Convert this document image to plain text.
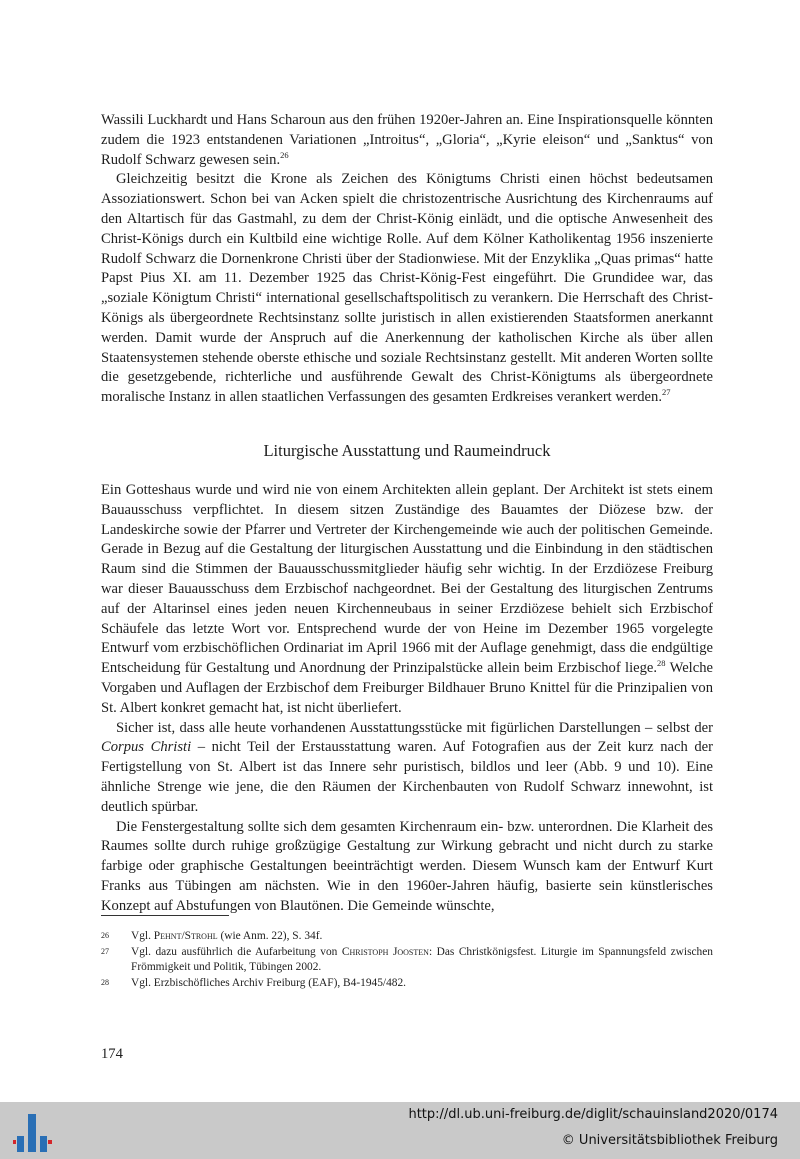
Wassili Luckhardt und Hans Scharoun aus den frühen 1920er-Jahren an. Eine Inspirationsquelle könnten zudem die 1923 entstandenen Variationen „Introitus“, „Gloria“, „Kyrie eleison“ und „Sanktus“ von Rudolf Schwarz gewesen sein.$^{26}$

Gleichzeitig besitzt die Krone als Zeichen des Königtums Christi einen höchst bedeutsamen Assoziationswert. Schon bei van Acken spielt die christozentrische Ausrichtung des Kirchenraums auf den Altartisch für das Gastmahl, zu dem der Christ-König einlädt, und die optische Anwesenheit des Christ-Königs durch ein Kultbild eine wichtige Rolle. Auf dem Kölner Katholikentag 1956 inszenierte Rudolf Schwarz die Dornenkrone Christi über der Stadionwiese. Mit der Enzyklika „Quas primas“ hatte Papst Pius XI. am 11. Dezember 1925 das Christ-König-Fest eingeführt. Die Grundidee war, das „soziale Königtum Christi“ international gesellschaftspolitisch zu verankern. Die Herrschaft des Christ-Königs als übergeordnete Rechtsinstanz sollte juristisch in allen existierenden Staatsformen anerkannt werden. Damit wurde der Anspruch auf die Anerkennung der katholischen Kirche als über allen Staatensystemen stehende oberste ethische und soziale Rechtsinstanz gestellt. Mit anderen Worten sollte die gesetzgebende, richterliche und ausführende Gewalt des Christ-Königtums als übergeordnete moralische Instanz in allen staatlichen Verfassungen des gesamten Erdkreises verankert werden.$^{27}$

Liturgische Ausstattung und Raumeindruck

Ein Gotteshaus wurde und wird nie von einem Architekten allein geplant. Der Architekt ist stets einem Bauausschuss verpflichtet. In diesem sitzen Zuständige des Bauamtes der Diözese bzw. der Landeskirche sowie der Pfarrer und Vertreter der Kirchengemeinde wie auch der politischen Gemeinde. Gerade in Bezug auf die Gestaltung der liturgischen Ausstattung und die Einbindung in den städtischen Raum sind die Stimmen der Bauausschussmitglieder häufig sehr wichtig. In der Erzdiözese Freiburg war dieser Bauausschuss dem Erzbischof nachgeordnet. Bei der Gestaltung des liturgischen Zentrums auf der Altarinsel eines jeden neuen Kirchenneubaus in seiner Erzdiözese behielt sich Erzbischof Schäufele das letzte Wort vor. Entsprechend wurde der von Heine im Dezember 1965 vorgelegte Entwurf vom erzbischöflichen Ordinariat im April 1966 mit der Auflage genehmigt, dass die endgültige Entscheidung für Gestaltung und Anordnung der Prinzipalstücke allein beim Erzbischof liege.$^{28}$ Welche Vorgaben und Auflagen der Erzbischof dem Freiburger Bildhauer Bruno Knittel für die Prinzipalien von St. Albert konkret gemacht hat, ist nicht überliefert.

Sicher ist, dass alle heute vorhandenen Ausstattungsstücke mit figürlichen Darstellungen – selbst der Corpus Christi – nicht Teil der Erstausstattung waren. Auf Fotografien aus der Zeit kurz nach der Fertigstellung von St. Albert ist das Innere sehr puristisch, bildlos und leer (Abb. 9 und 10). Eine ähnliche Strenge wie jene, die den Räumen der Kirchenbauten von Rudolf Schwarz innewohnt, ist deutlich spürbar.

Die Fenstergestaltung sollte sich dem gesamten Kirchenraum ein- bzw. unterordnen. Die Klarheit des Raumes sollte durch ruhige großzügige Gestaltung zur Wirkung gebracht und nicht durch zu starke farbige oder graphische Gestaltungen beeinträchtigt werden. Diesem Wunsch kam der Entwurf Kurt Franks aus Tübingen am nächsten. Wie in den 1960er-Jahren häufig, basierte sein künstlerisches Konzept auf Abstufungen von Blautönen. Die Gemeinde wünschte,

26 Vgl. Pehnt/Strohl (wie Anm. 22), S. 34f.
27 Vgl. dazu ausführlich die Aufarbeitung von Christoph Joosten: Das Christkönigsfest. Liturgie im Spannungsfeld zwischen Frömmigkeit und Politik, Tübingen 2002.
28 Vgl. Erzbischöfliches Archiv Freiburg (EAF), B4-1945/482.
174
http://dl.ub.uni-freiburg.de/diglit/schauinsland2020/0174
© Universitätsbibliothek Freiburg
